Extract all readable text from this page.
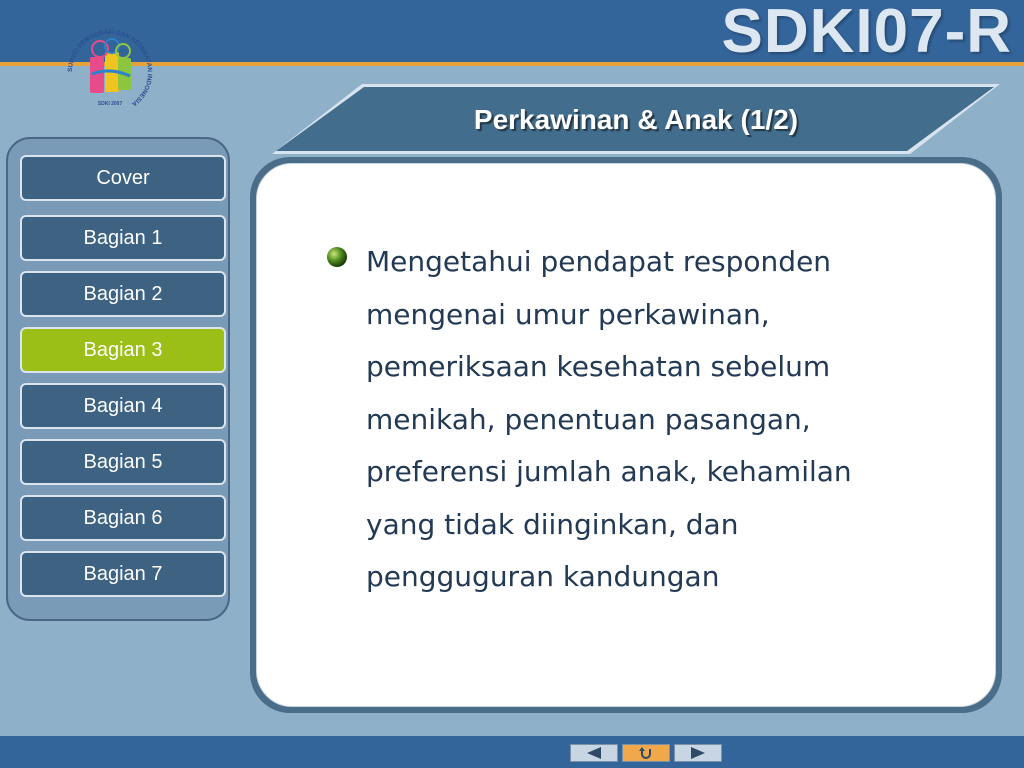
SDKI07-R
SURVEI DEMOGRAFI DAN KESEHATAN INDONESIA
SDKI 2007	Perkawinan & Anak (1/2)
Cover
Bagian 1
Bagian 2
Bagian 3
Bagian 4
Bagian 5
Bagian 6
Bagian 7
Mengetahui pendapat responden mengenai umur perkawinan, pemeriksaan kesehatan sebelum menikah, penentuan pasangan, preferensi jumlah anak, kehamilan yang tidak diinginkan, dan pengguguran kandungan
